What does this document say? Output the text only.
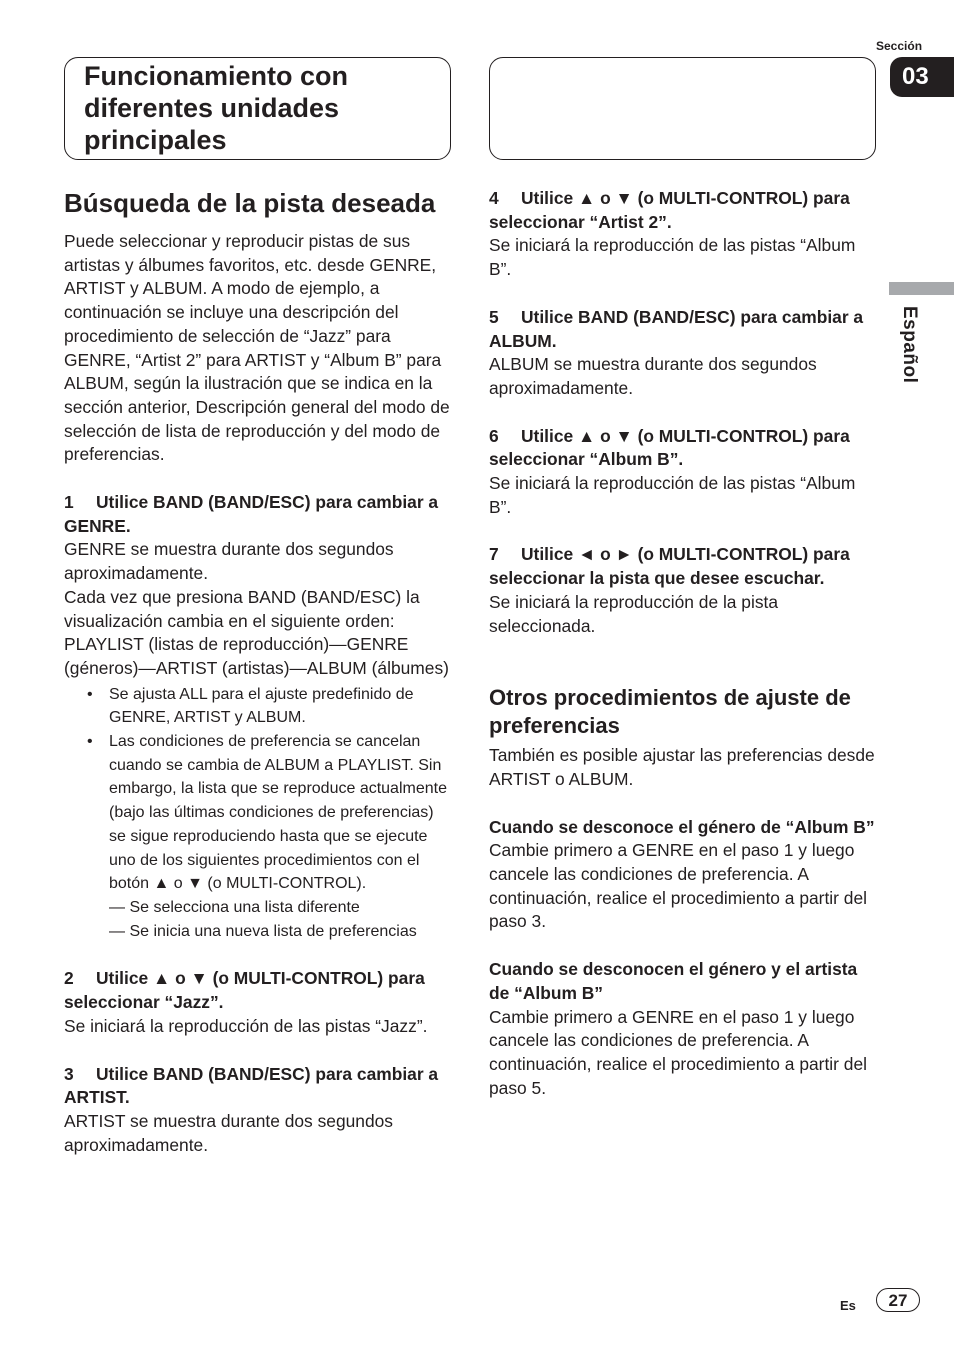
Funcionamiento con diferentes unidades principales
Sección
03
Español
Búsqueda de la pista deseada

Puede seleccionar y reproducir pistas de sus artistas y álbumes favoritos, etc. desde GENRE, ARTIST y ALBUM. A modo de ejemplo, a continuación se incluye una descripción del procedimiento de selección de “Jazz” para GENRE, “Artist 2” para ARTIST y “Album B” para ALBUM, según la ilustración que se indica en la sección anterior, Descripción general del modo de selección de lista de reproducción y del modo de preferencias.

1 Utilice BAND (BAND/ESC) para cambiar a GENRE.

GENRE se muestra durante dos segundos aproximadamente.

Cada vez que presiona BAND (BAND/ESC) la visualización cambia en el siguiente orden:

PLAYLIST (listas de reproducción)—GENRE (géneros)—ARTIST (artistas)—ALBUM (álbumes)

• Se ajusta ALL para el ajuste predefinido de GENRE, ARTIST y ALBUM.
• Las condiciones de preferencia se cancelan cuando se cambia de ALBUM a PLAYLIST. Sin embargo, la lista que se reproduce actualmente (bajo las últimas condiciones de preferencias) se sigue reproduciendo hasta que se ejecute uno de los siguientes procedimientos con el botón ▲ o ▼ (o MULTI-CONTROL).

— Se selecciona una lista diferente

— Se inicia una nueva lista de preferencias

2 Utilice ▲ o ▼ (o MULTI-CONTROL) para seleccionar “Jazz”.

Se iniciará la reproducción de las pistas “Jazz”.

3 Utilice BAND (BAND/ESC) para cambiar a ARTIST.

ARTIST se muestra durante dos segundos aproximadamente.

4 Utilice ▲ o ▼ (o MULTI-CONTROL) para seleccionar “Artist 2”.

Se iniciará la reproducción de las pistas “Album B”.

5 Utilice BAND (BAND/ESC) para cambiar a ALBUM.

ALBUM se muestra durante dos segundos aproximadamente.

6 Utilice ▲ o ▼ (o MULTI-CONTROL) para seleccionar “Album B”.

Se iniciará la reproducción de las pistas “Album B”.

7 Utilice ◄ o ► (o MULTI-CONTROL) para seleccionar la pista que desee escuchar.

Se iniciará la reproducción de la pista seleccionada.

Otros procedimientos de ajuste de preferencias

También es posible ajustar las preferencias desde ARTIST o ALBUM.

Cuando se desconoce el género de “Album B”

Cambie primero a GENRE en el paso 1 y luego cancele las condiciones de preferencia. A continuación, realice el procedimiento a partir del paso 3.

Cuando se desconocen el género y el artista de “Album B”

Cambie primero a GENRE en el paso 1 y luego cancele las condiciones de preferencia. A continuación, realice el procedimiento a partir del paso 5.

Es	27
